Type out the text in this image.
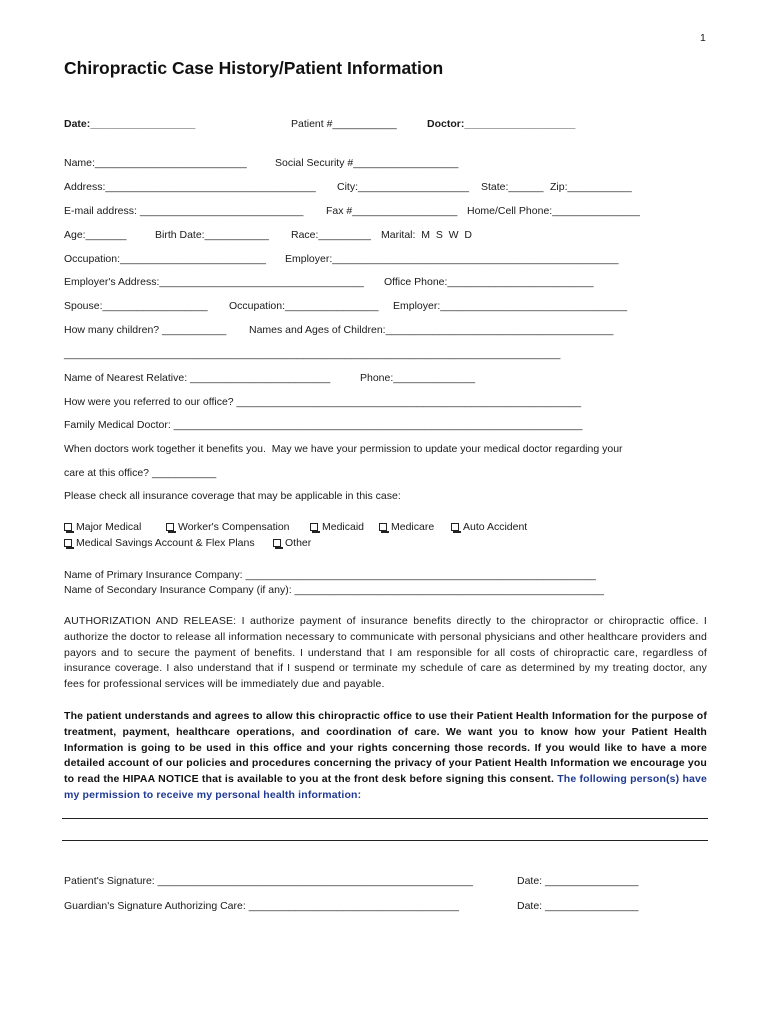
1
Chiropractic Case History/Patient Information
Date:__________________	Patient #___________	Doctor:___________________
Name:__________________________	Social Security #__________________
Address:____________________________________ City:___________________ State:______ Zip:___________
E-mail address: ____________________________ Fax #__________________ Home/Cell Phone:_______________
Age:_______	Birth Date:___________ Race:_________ Marital:  M  S  W  D
Occupation:_________________________ Employer:_________________________________________________
Employer's Address:___________________________________ Office Phone:_________________________
Spouse:__________________ Occupation:________________ Employer:________________________________
How many children? ___________ Names and Ages of Children:_______________________________________
_____________________________________________________________________________________
Name of Nearest Relative: ________________________	Phone:______________
How were you referred to our office? ___________________________________________________________
Family Medical Doctor: ______________________________________________________________________
When doctors work together it benefits you.  May we have your permission to update your medical doctor regarding your
care at this office? ___________
Please check all insurance coverage that may be applicable in this case:
Major Medical	Worker's Compensation	Medicaid	Medicare	Auto Accident
Medical Savings Account & Flex Plans	Other
Name of Primary Insurance Company: ____________________________________________________________
Name of Secondary Insurance Company (if any): _____________________________________________________
AUTHORIZATION AND RELEASE: I authorize payment of insurance benefits directly to the chiropractor or chiropractic office. I authorize the doctor to release all information necessary to communicate with personal physicians and other healthcare providers and payors and to secure the payment of benefits. I understand that I am responsible for all costs of chiropractic care, regardless of insurance coverage. I also understand that if I suspend or terminate my schedule of care as determined by my treating doctor, any fees for professional services will be immediately due and payable.
The patient understands and agrees to allow this chiropractic office to use their Patient Health Information for the purpose of treatment, payment, healthcare operations, and coordination of care. We want you to know how your Patient Health Information is going to be used in this office and your rights concerning those records. If you would like to have a more detailed account of our policies and procedures concerning the privacy of your Patient Health Information we encourage you to read the HIPAA NOTICE that is available to you at the front desk before signing this consent. The following person(s) have my permission to receive my personal health information:
Patient's Signature: ______________________________________________________	Date: ________________
Guardian's Signature Authorizing Care: ____________________________________	Date: ________________
